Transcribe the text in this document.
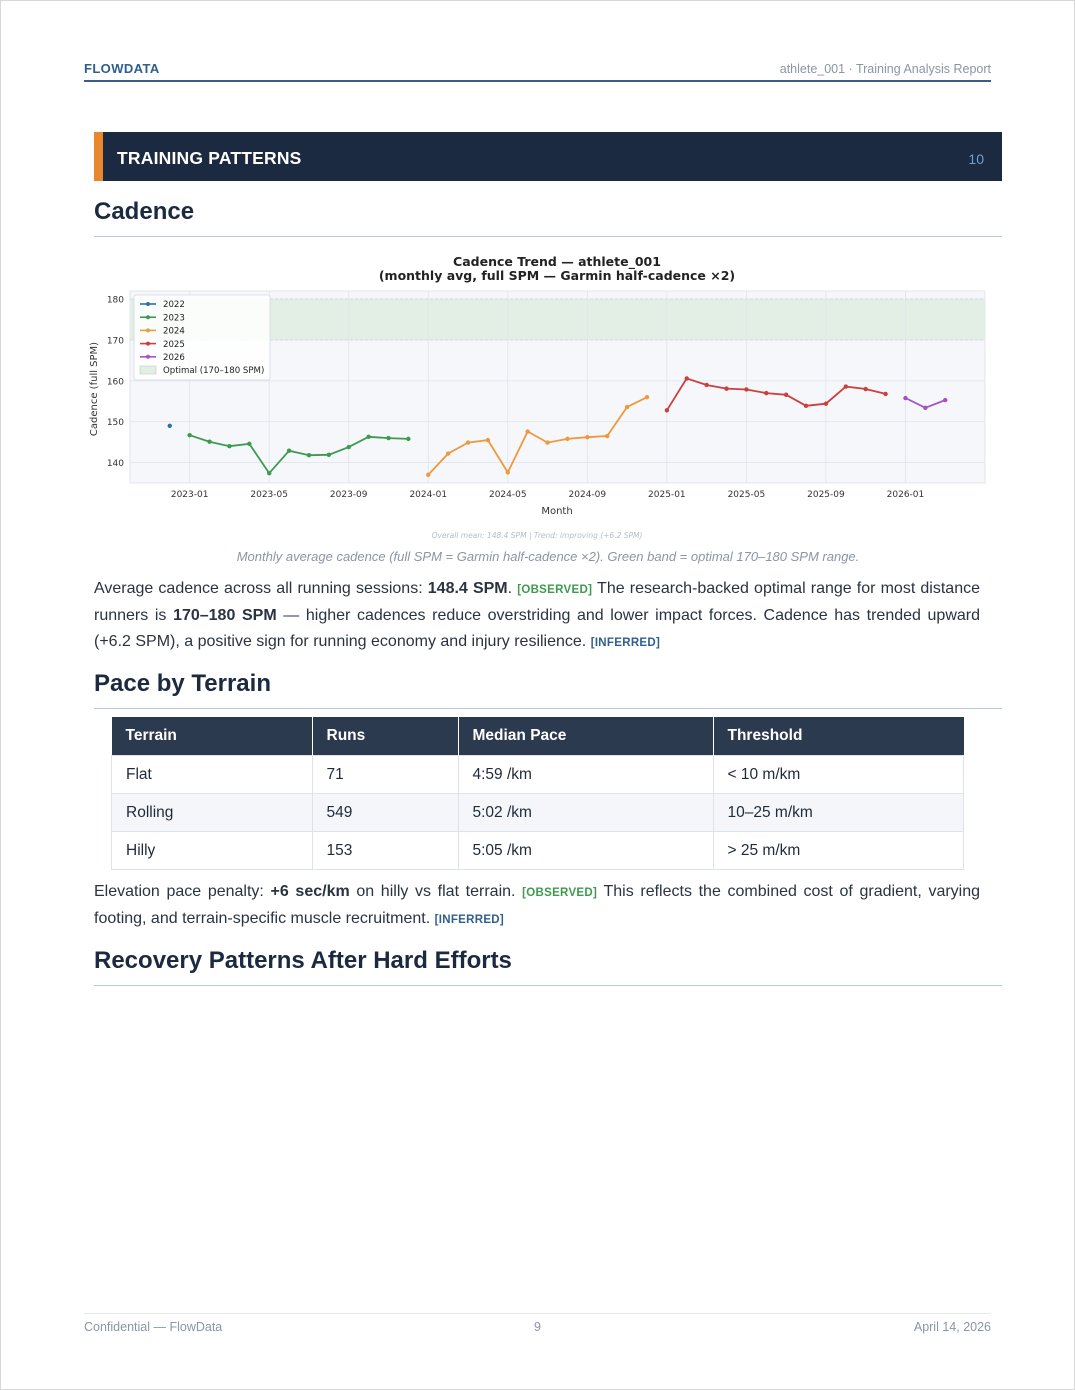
FLOWDATA	athlete_001 · Training Analysis Report
TRAINING PATTERNS	10
Cadence
Cadence Trend — athlete_001
(monthly avg, full SPM — Garmin half-cadence ×2)
140
150
160
170
180
2023-01	2023-05	2023-09	2024-01	2024-05	2024-09	2025-01	2025-05	2025-09	2026-01
2022
2023
2024
2025
2026
Optimal (170–180 SPM)
Month
Cadence (full SPM)
Overall mean: 148.4 SPM | Trend: improving (+6.2 SPM)
Monthly average cadence (full SPM = Garmin half-cadence ×2). Green band = optimal 170–180 SPM range.

Average cadence across all running sessions: 148.4 SPM. [OBSERVED] The research-backed optimal range for most distance runners is 170–180 SPM — higher cadences reduce overstriding and lower impact forces. Cadence has trended upward (+6.2 SPM), a positive sign for running economy and injury resilience. [INFERRED]

Pace by Terrain
Terrain	Runs	Median Pace	Threshold
Flat	71	4:59 /km	< 10 m/km
Rolling	549	5:02 /km	10–25 m/km
Hilly	153	5:05 /km	> 25 m/km

Elevation pace penalty: +6 sec/km on hilly vs flat terrain. [OBSERVED] This reflects the combined cost of gradient, varying footing, and terrain-specific muscle recruitment. [INFERRED]

Recovery Patterns After Hard Efforts
Confidential — FlowData	9	April 14, 2026
